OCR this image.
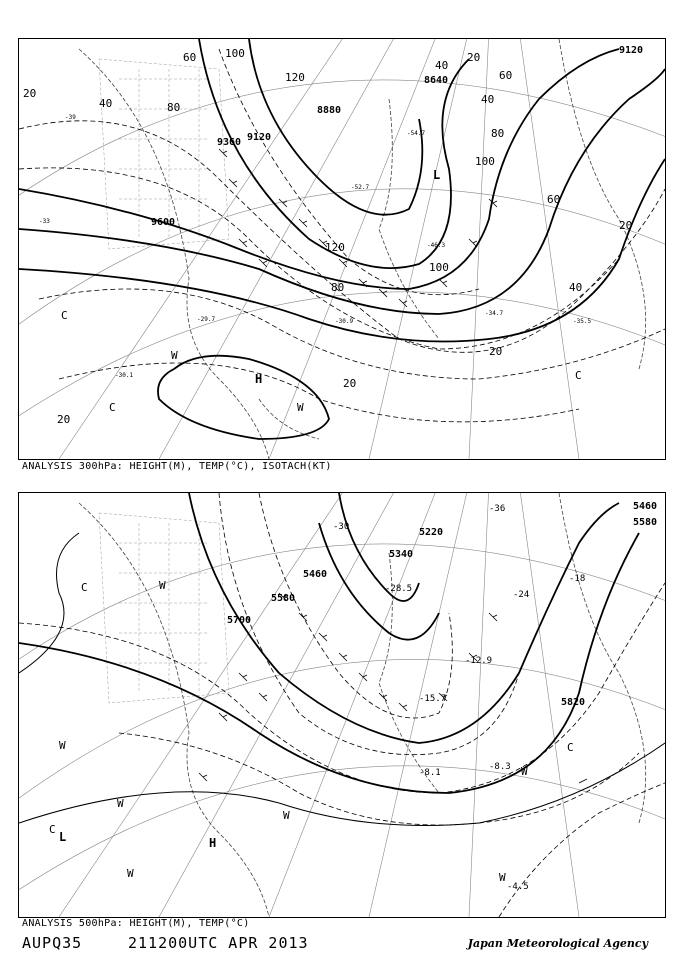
9600
9360 9120
8880
8640
9120
20
40
60
80
100
120
40
20
40
60
80
100
120
100
80
60
40
20
20
20
20
-33
-39
-29.7	-30.9
-30.1
-52.7
-54.7
-46.3
-35.5
-34.7
H
L
W
W
C
C
C
ANALYSIS 300hPa: HEIGHT(M), TEMP(°C), ISOTACH(KT)
5700
5580
5460
5340
5220
5820
5580
5460
-30
-36
-18
-24
-8.1
-8.3
-4.5
-12.9
-15.7
-28.5
H
L
C
C
C
W
W
W
W
W
W
W
ANALYSIS 500hPa: HEIGHT(M), TEMP(°C)
AUPQ35	211200UTC APR 2013	Japan Meteorological Agency
